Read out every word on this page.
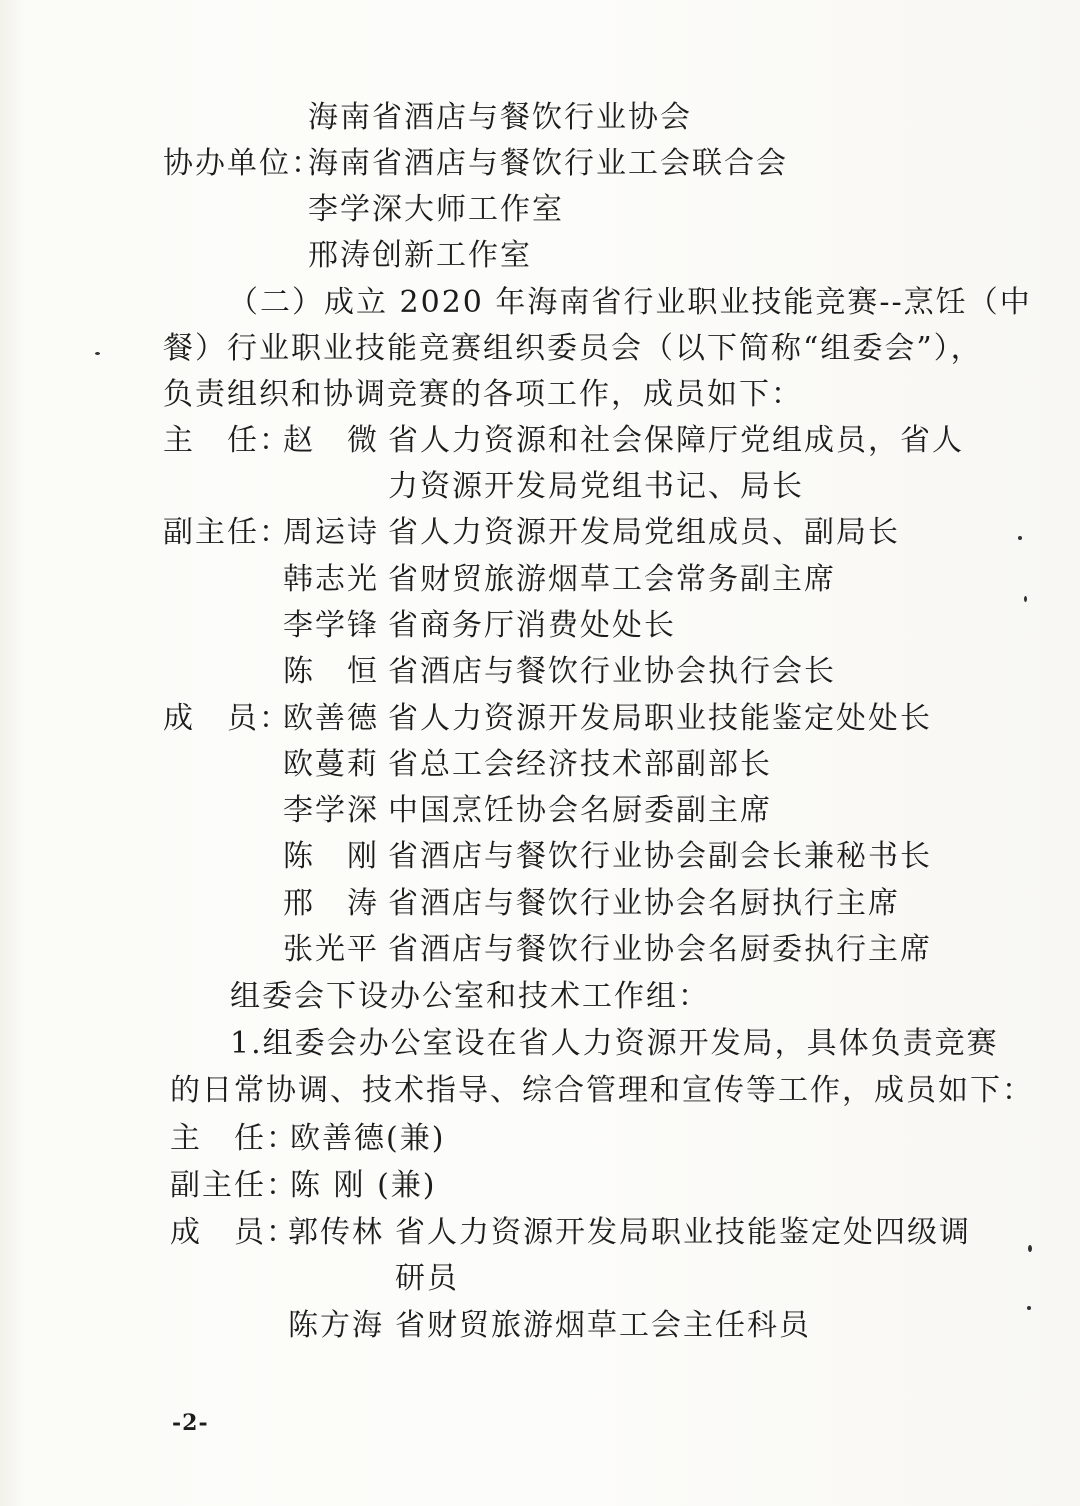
海南省酒店与餐饮行业协会
协办单位：
海南省酒店与餐饮行业工会联合会
李学深大师工作室
邢涛创新工作室
（二）成立 2020 年海南省行业职业技能竞赛--烹饪（中
餐）行业职业技能竞赛组织委员会（以下简称“组委会”），
负责组织和协调竞赛的各项工作，成员如下：
主　任：
赵　微 省人力资源和社会保障厅党组成员，省人
力资源开发局党组书记、局长
副主任：
周运诗 省人力资源开发局党组成员、副局长
韩志光 省财贸旅游烟草工会常务副主席
李学锋 省商务厅消费处处长
陈　恒 省酒店与餐饮行业协会执行会长
成　员：
欧善德 省人力资源开发局职业技能鉴定处处长
欧蔓莉 省总工会经济技术部副部长
李学深 中国烹饪协会名厨委副主席
陈　刚 省酒店与餐饮行业协会副会长兼秘书长
邢　涛 省酒店与餐饮行业协会名厨执行主席
张光平 省酒店与餐饮行业协会名厨委执行主席
组委会下设办公室和技术工作组：
1.组委会办公室设在省人力资源开发局，具体负责竞赛
的日常协调、技术指导、综合管理和宣传等工作，成员如下：
主　任：
欧善德(兼)
副主任：
陈 刚 (兼)
成　员：
郭传林 省人力资源开发局职业技能鉴定处四级调
研员
陈方海 省财贸旅游烟草工会主任科员
-2-
